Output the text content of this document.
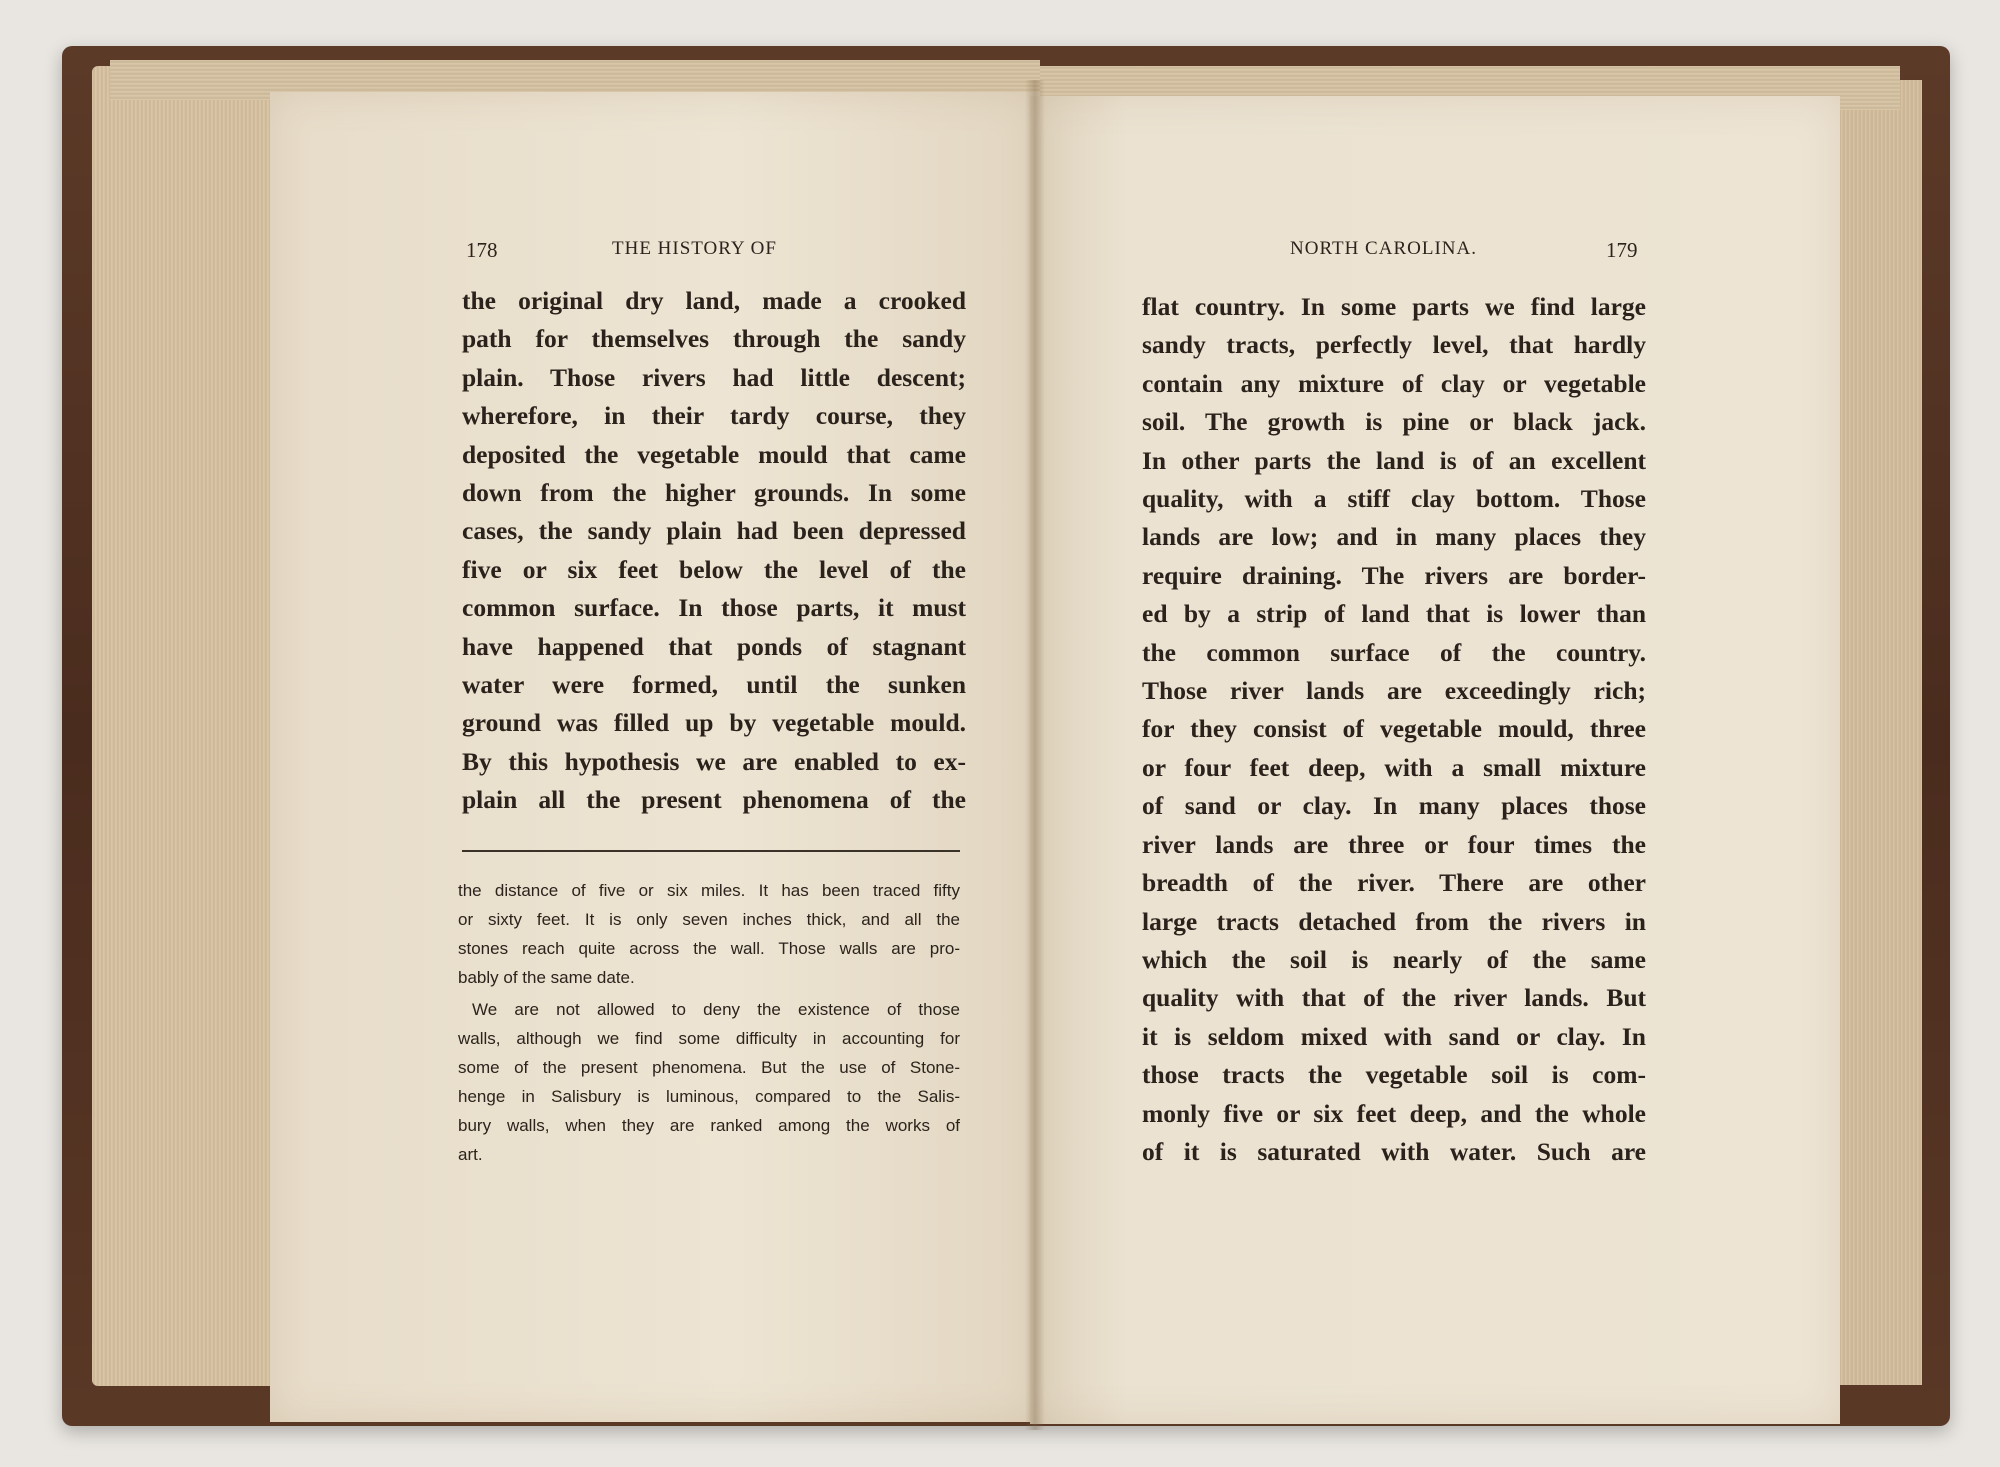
178	THE HISTORY OF
the original dry land, made a crooked
path for themselves through the sandy
plain. Those rivers had little descent;
wherefore, in their tardy course, they
deposited the vegetable mould that came
down from the higher grounds. In some
cases, the sandy plain had been depressed
five or six feet below the level of the
common surface. In those parts, it must
have happened that ponds of stagnant
water were formed, until the sunken
ground was filled up by vegetable mould.
By this hypothesis we are enabled to ex-
plain all the present phenomena of the
the distance of five or six miles. It has been traced fifty
or sixty feet. It is only seven inches thick, and all the
stones reach quite across the wall. Those walls are pro-
bably of the same date.
We are not allowed to deny the existence of those
walls, although we find some difficulty in accounting for
some of the present phenomena. But the use of Stone-
henge in Salisbury is luminous, compared to the Salis-
bury walls, when they are ranked among the works of
art.
NORTH CAROLINA.	179
flat country. In some parts we find large
sandy tracts, perfectly level, that hardly
contain any mixture of clay or vegetable
soil. The growth is pine or black jack.
In other parts the land is of an excellent
quality, with a stiff clay bottom. Those
lands are low; and in many places they
require draining. The rivers are border-
ed by a strip of land that is lower than
the common surface of the country.
Those river lands are exceedingly rich;
for they consist of vegetable mould, three
or four feet deep, with a small mixture
of sand or clay. In many places those
river lands are three or four times the
breadth of the river. There are other
large tracts detached from the rivers in
which the soil is nearly of the same
quality with that of the river lands. But
it is seldom mixed with sand or clay. In
those tracts the vegetable soil is com-
monly five or six feet deep, and the whole
of it is saturated with water. Such are
